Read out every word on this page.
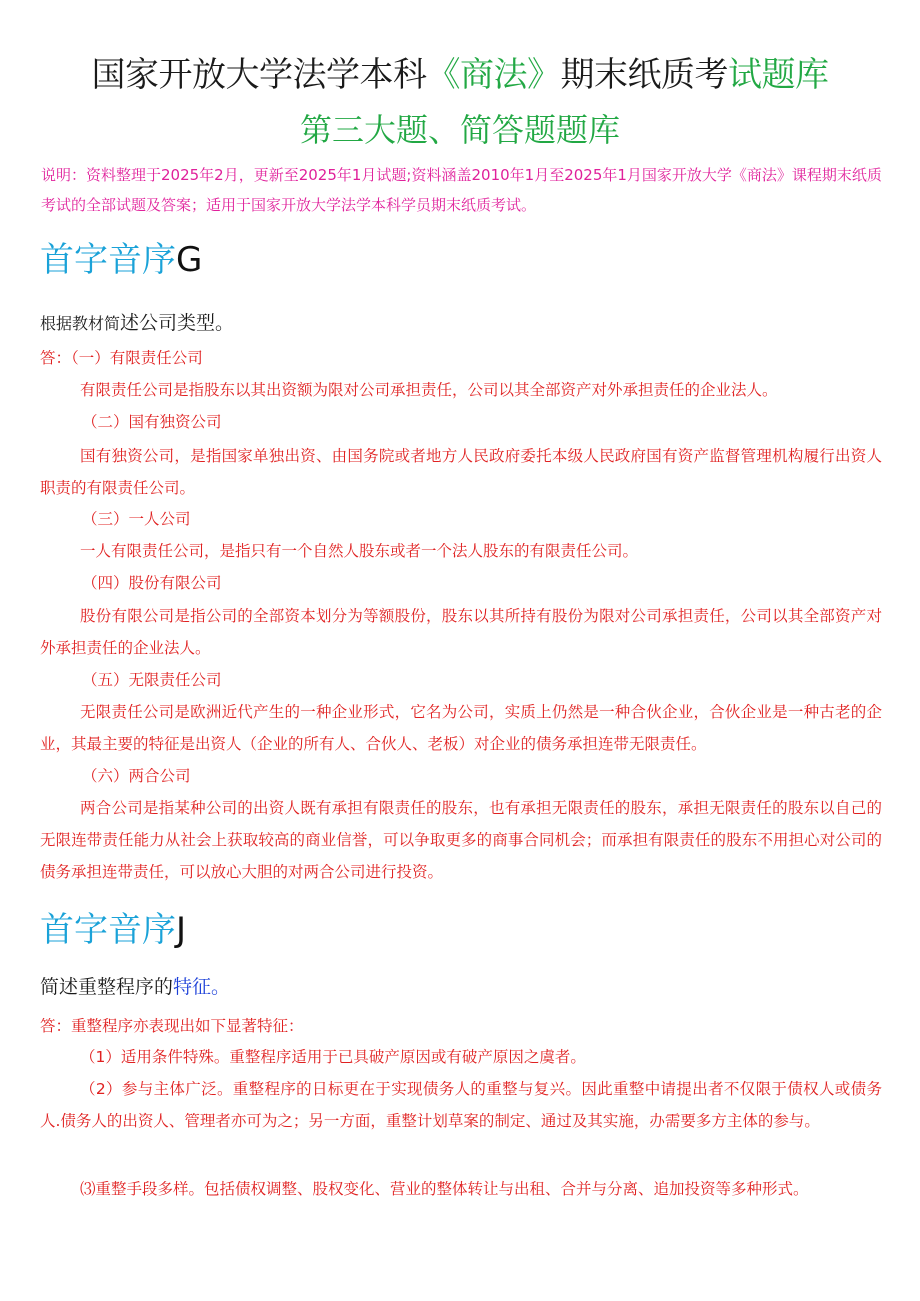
国家开放大学法学本科《商法》期末纸质考试题库
第三大题、简答题题库
说明：资料整理于2025年2月，更新至2025年1月试题;资料涵盖2010年1月至2025年1月国家开放大学《商法》课程期末纸质考试的全部试题及答案；适用于国家开放大学法学本科学员期末纸质考试。
首字音序G
根据教材简述公司类型。
答：（一）有限责任公司
有限责任公司是指股东以其出资额为限对公司承担责任，公司以其全部资产对外承担责任的企业法人。
（二）国有独资公司
国有独资公司，是指国家单独出资、由国务院或者地方人民政府委托本级人民政府国有资产监督管理机构履行出资人职责的有限责任公司。
（三）一人公司
一人有限责任公司，是指只有一个自然人股东或者一个法人股东的有限责任公司。
（四）股份有限公司
股份有限公司是指公司的全部资本划分为等额股份，股东以其所持有股份为限对公司承担责任，公司以其全部资产对外承担责任的企业法人。
（五）无限责任公司
无限责任公司是欧洲近代产生的一种企业形式，它名为公司，实质上仍然是一种合伙企业，合伙企业是一种古老的企业，其最主要的特征是出资人（企业的所有人、合伙人、老板）对企业的债务承担连带无限责任。
（六）两合公司
两合公司是指某种公司的出资人既有承担有限责任的股东，也有承担无限责任的股东，承担无限责任的股东以自己的无限连带责任能力从社会上获取较高的商业信誉，可以争取更多的商事合同机会；而承担有限责任的股东不用担心对公司的债务承担连带责任，可以放心大胆的对两合公司进行投资。
首字音序J
简述重整程序的特征。
答：重整程序亦表现出如下显著特征：
（1）适用条件特殊。重整程序适用于已具破产原因或有破产原因之虞者。
（2）参与主体广泛。重整程序的日标更在于实现债务人的重整与复兴。因此重整中请提出者不仅限于债权人或债务人.债务人的出资人、管理者亦可为之；另一方面，重整计划草案的制定、通过及其实施，办需要多方主体的参与。
⑶重整手段多样。包括债权调整、股权变化、营业的整体转让与出租、合并与分离、追加投资等多种形式。
